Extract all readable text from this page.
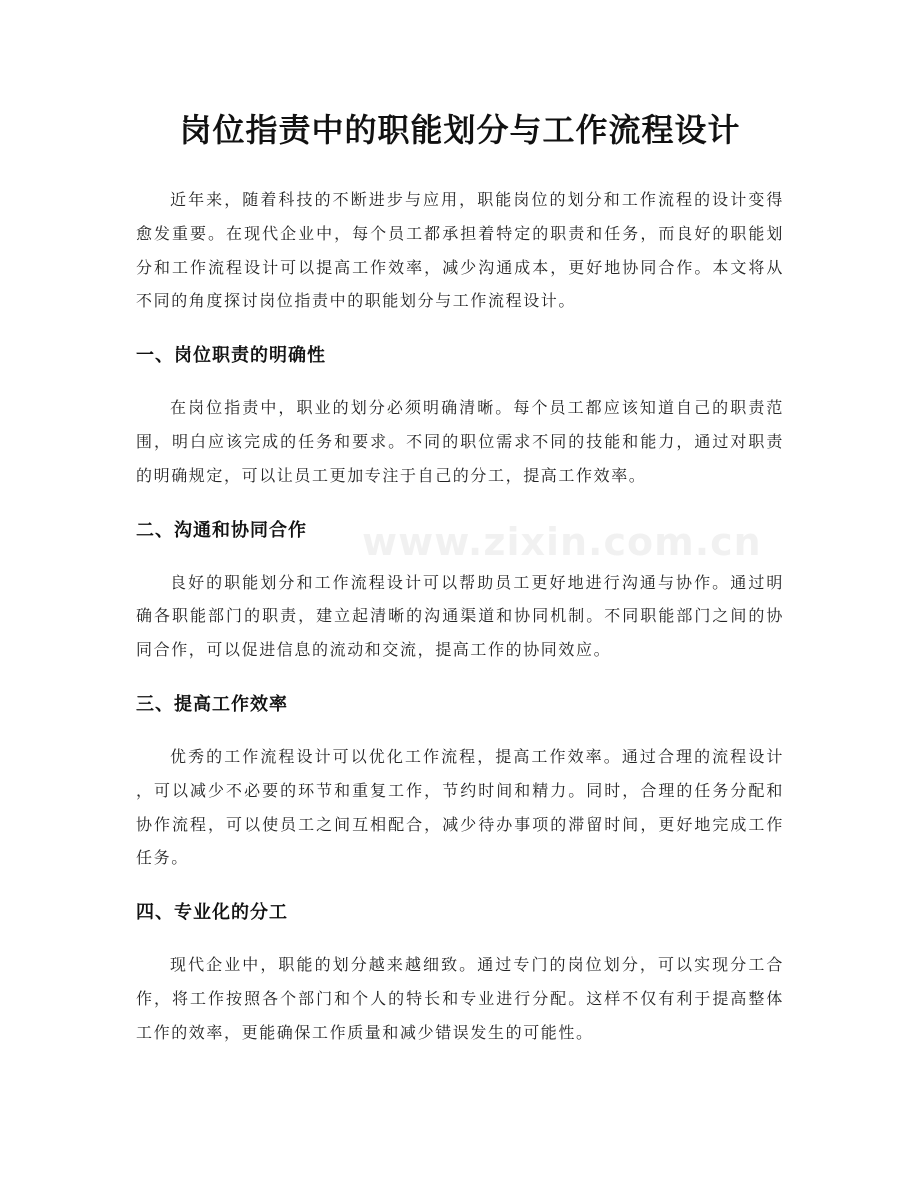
www.zixin.com.cn
岗位指责中的职能划分与工作流程设计

近年来，随着科技的不断进步与应用，职能岗位的划分和工作流程的设计变得
愈发重要。在现代企业中，每个员工都承担着特定的职责和任务，而良好的职能划
分和工作流程设计可以提高工作效率，减少沟通成本，更好地协同合作。本文将从
不同的角度探讨岗位指责中的职能划分与工作流程设计。

一、岗位职责的明确性

在岗位指责中，职业的划分必须明确清晰。每个员工都应该知道自己的职责范
围，明白应该完成的任务和要求。不同的职位需求不同的技能和能力，通过对职责
的明确规定，可以让员工更加专注于自己的分工，提高工作效率。

二、沟通和协同合作

良好的职能划分和工作流程设计可以帮助员工更好地进行沟通与协作。通过明
确各职能部门的职责，建立起清晰的沟通渠道和协同机制。不同职能部门之间的协
同合作，可以促进信息的流动和交流，提高工作的协同效应。

三、提高工作效率

优秀的工作流程设计可以优化工作流程，提高工作效率。通过合理的流程设计
，可以减少不必要的环节和重复工作，节约时间和精力。同时，合理的任务分配和
协作流程，可以使员工之间互相配合，减少待办事项的滞留时间，更好地完成工作
任务。

四、专业化的分工

现代企业中，职能的划分越来越细致。通过专门的岗位划分，可以实现分工合
作，将工作按照各个部门和个人的特长和专业进行分配。这样不仅有利于提高整体
工作的效率，更能确保工作质量和减少错误发生的可能性。
